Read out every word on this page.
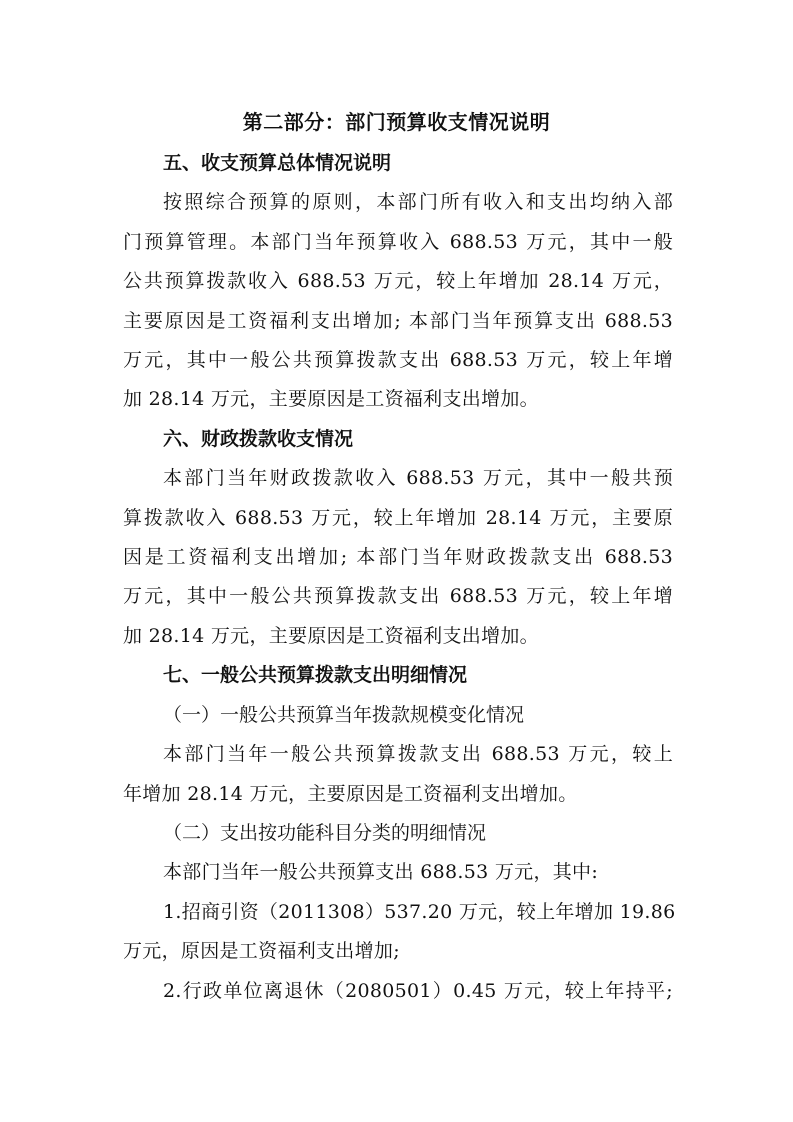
第二部分：部门预算收支情况说明
五、收支预算总体情况说明
按照综合预算的原则，本部门所有收入和支出均纳入部
门预算管理。本部门当年预算收入 688.53 万元，其中一般
公共预算拨款收入 688.53 万元，较上年增加 28.14 万元，
主要原因是工资福利支出增加; 本部门当年预算支出 688.53
万元，其中一般公共预算拨款支出 688.53 万元，较上年增
加 28.14 万元，主要原因是工资福利支出增加。
六、财政拨款收支情况
本部门当年财政拨款收入 688.53 万元，其中一般共预
算拨款收入 688.53 万元，较上年增加 28.14 万元，主要原
因是工资福利支出增加; 本部门当年财政拨款支出 688.53
万元，其中一般公共预算拨款支出 688.53 万元，较上年增
加 28.14 万元，主要原因是工资福利支出增加。
七、一般公共预算拨款支出明细情况
（一）一般公共预算当年拨款规模变化情况
本部门当年一般公共预算拨款支出 688.53 万元，较上
年增加 28.14 万元，主要原因是工资福利支出增加。
（二）支出按功能科目分类的明细情况
本部门当年一般公共预算支出 688.53 万元，其中:
1.招商引资（2011308）537.20 万元，较上年增加 19.86
万元，原因是工资福利支出增加;
2.行政单位离退休（2080501）0.45 万元，较上年持平;
